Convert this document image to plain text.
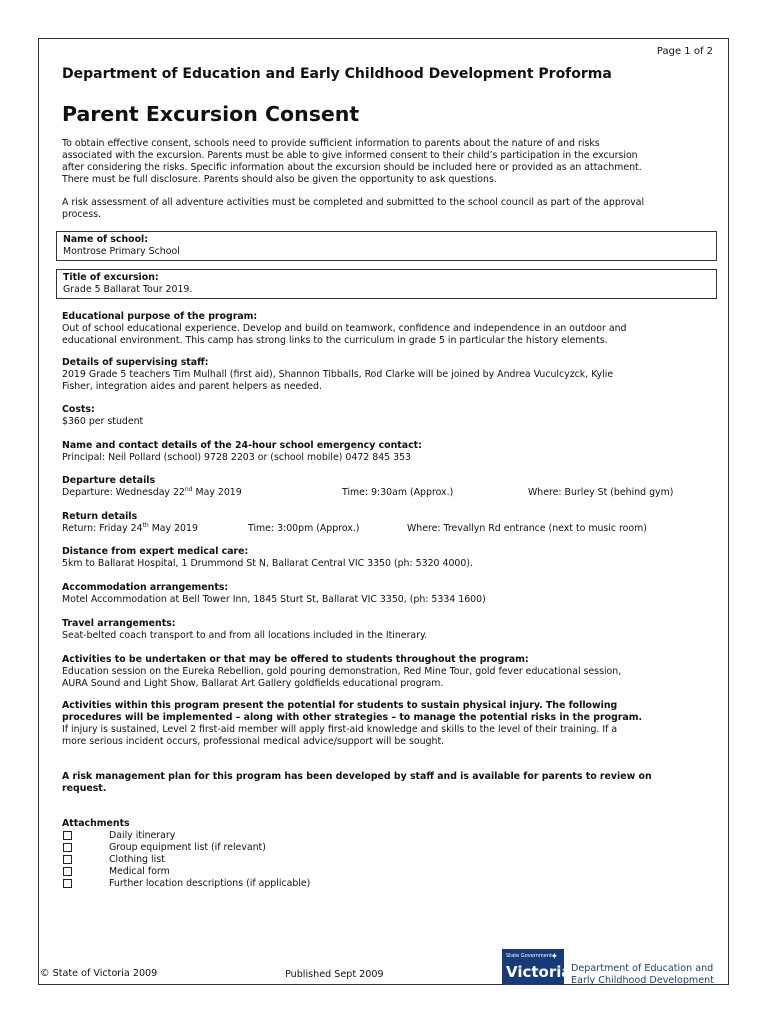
Page 1 of 2
Department of Education and Early Childhood Development Proforma
Parent Excursion Consent
To obtain effective consent, schools need to provide sufficient information to parents about the nature of and risks
associated with the excursion. Parents must be able to give informed consent to their child’s participation in the excursion
after considering the risks. Specific information about the excursion should be included here or provided as an attachment.
There must be full disclosure. Parents should also be given the opportunity to ask questions.
A risk assessment of all adventure activities must be completed and submitted to the school council as part of the approval
process.
Name of school:
Montrose Primary School
Title of excursion:
Grade 5 Ballarat Tour 2019.
Educational purpose of the program:
Out of school educational experience. Develop and build on teamwork, confidence and independence in an outdoor and
educational environment. This camp has strong links to the curriculum in grade 5 in particular the history elements.
Details of supervising staff:
2019 Grade 5 teachers Tim Mulhall (first aid), Shannon Tibballs, Rod Clarke will be joined by Andrea Vuculcyzck, Kylie
Fisher, integration aides and parent helpers as needed.
Costs:
$360 per student
Name and contact details of the 24-hour school emergency contact:
Principal: Neil Pollard (school) 9728 2203 or (school mobile) 0472 845 353
Departure details
Departure: Wednesday 22nd May 2019	Time: 9:30am (Approx.)	Where: Burley St (behind gym)
Return details
Return: Friday 24th May 2019	Time: 3:00pm (Approx.)	Where: Trevallyn Rd entrance (next to music room)
Distance from expert medical care:
5km to Ballarat Hospital, 1 Drummond St N, Ballarat Central VIC 3350 (ph: 5320 4000).
Accommodation arrangements:
Motel Accommodation at Bell Tower Inn, 1845 Sturt St, Ballarat VIC 3350, (ph: 5334 1600)
Travel arrangements:
Seat-belted coach transport to and from all locations included in the Itinerary.
Activities to be undertaken or that may be offered to students throughout the program:
Education session on the Eureka Rebellion, gold pouring demonstration, Red Mine Tour, gold fever educational session,
AURA Sound and Light Show, Ballarat Art Gallery goldfields educational program.
Activities within this program present the potential for students to sustain physical injury. The following
procedures will be implemented – along with other strategies – to manage the potential risks in the program.
If injury is sustained, Level 2 first-aid member will apply first-aid knowledge and skills to the level of their training. If a
more serious incident occurs, professional medical advice/support will be sought.
A risk management plan for this program has been developed by staff and is available for parents to review on
request.
Attachments
Daily itinerary
Group equipment list (if relevant)
Clothing list
Medical form
Further location descriptions (if applicable)
© State of Victoria 2009	Published Sept 2009
State Government
Victoria
✦
Department of Education and
Early Childhood Development
